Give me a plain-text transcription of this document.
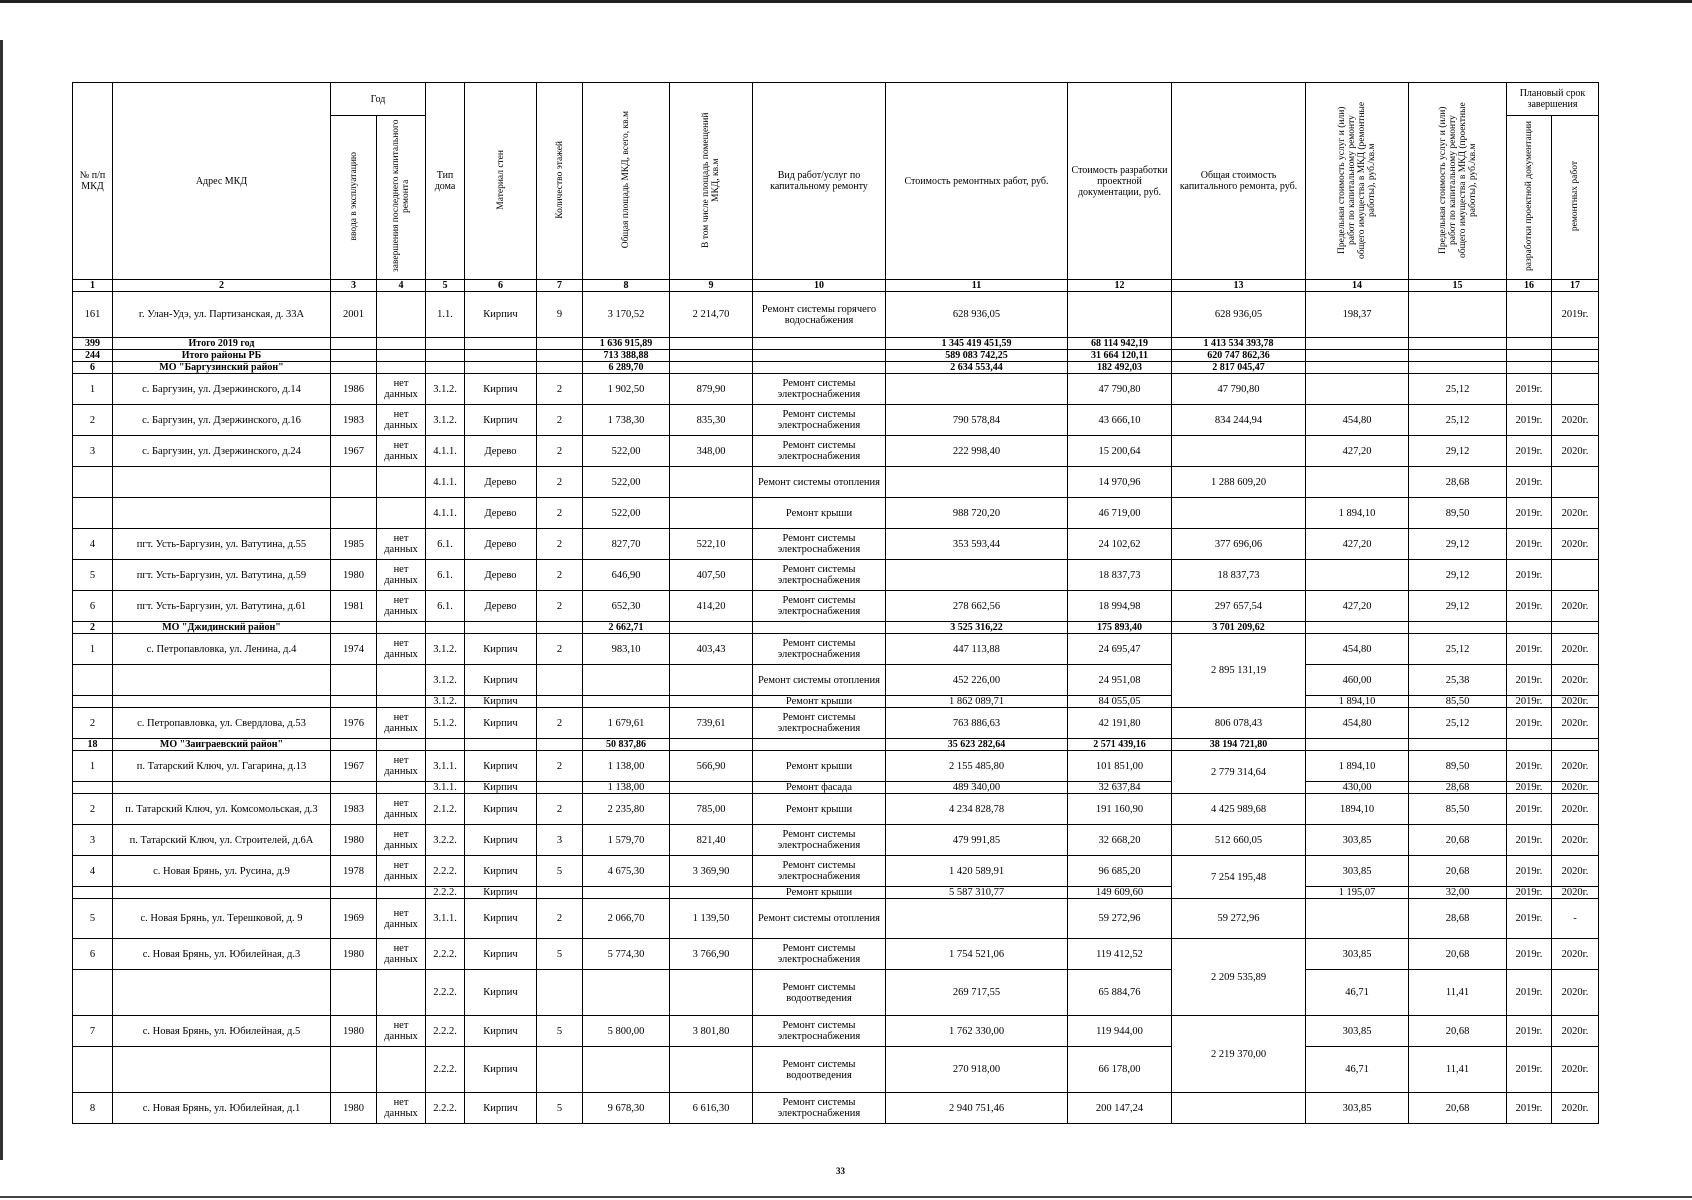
№ п/п МКД	Адрес МКД	Год		Тип дома	Материал стен	Количество этажей	Общая площадь МКД, всего, кв.м	В том числе площадь помещений МКД, кв.м	Вид работ/услуг по капитальному ремонту	Стоимость ремонтных работ, руб.	Стоимость разработки проектной документации, руб.	Общая стоимость капитального ремонта, руб.	Предельная стоимость услуг и (или) работ по капитальному ремонту общего имущества в МКД (ремонтные работы), руб./кв.м	Предельная стоимость услуг и (или) работ по капитальному ремонту общего имущества в МКД (проектные работы), руб./кв.м	Плановый срок завершения	
		ввода в эксплуатацию	завершения последнего капитального ремонта												разработки проектной документации	ремонтных работ
1	2	3	4	5	6	7	8	9	10	11	12	13	14	15	16	17
161	г. Улан-Удэ, ул. Партизанская, д. 33А	2001		1.1.	Кирпич	9	3 170,52	2 214,70	Ремонт системы горячего водоснабжения	628 936,05		628 936,05	198,37			2019г.
399	Итого 2019 год						1 636 915,89			1 345 419 451,59	68 114 942,19	1 413 534 393,78				
244	Итого районы РБ						713 388,88			589 083 742,25	31 664 120,11	620 747 862,36				
6	МО "Баргузинский район"						6 289,70			2 634 553,44	182 492,03	2 817 045,47				
1	с. Баргузин, ул. Дзержинского, д.14	1986	нет данных	3.1.2.	Кирпич	2	1 902,50	879,90	Ремонт системы электроснабжения		47 790,80	47 790,80		25,12	2019г.	
2	с. Баргузин, ул. Дзержинского, д.16	1983	нет данных	3.1.2.	Кирпич	2	1 738,30	835,30	Ремонт системы электроснабжения	790 578,84	43 666,10	834 244,94	454,80	25,12	2019г.	2020г.
3	с. Баргузин, ул. Дзержинского, д.24	1967	нет данных	4.1.1.	Дерево	2	522,00	348,00	Ремонт системы электроснабжения	222 998,40	15 200,64		427,20	29,12	2019г.	2020г.
				4.1.1.	Дерево	2	522,00		Ремонт системы отопления		14 970,96	1 288 609,20		28,68	2019г.	
				4.1.1.	Дерево	2	522,00		Ремонт крыши	988 720,20	46 719,00		1 894,10	89,50	2019г.	2020г.
4	пгт. Усть-Баргузин, ул. Ватутина, д.55	1985	нет данных	6.1.	Дерево	2	827,70	522,10	Ремонт системы электроснабжения	353 593,44	24 102,62	377 696,06	427,20	29,12	2019г.	2020г.
5	пгт. Усть-Баргузин, ул. Ватутина, д.59	1980	нет данных	6.1.	Дерево	2	646,90	407,50	Ремонт системы электроснабжения		18 837,73	18 837,73		29,12	2019г.	
6	пгт. Усть-Баргузин, ул. Ватутина, д.61	1981	нет данных	6.1.	Дерево	2	652,30	414,20	Ремонт системы электроснабжения	278 662,56	18 994,98	297 657,54	427,20	29,12	2019г.	2020г.
2	МО "Джидинский район"						2 662,71			3 525 316,22	175 893,40	3 701 209,62				
1	с. Петропавловка, ул. Ленина, д.4	1974	нет данных	3.1.2.	Кирпич	2	983,10	403,43	Ремонт системы электроснабжения	447 113,88	24 695,47	2 895 131,19	454,80	25,12	2019г.	2020г.
				3.1.2.	Кирпич				Ремонт системы отопления	452 226,00	24 951,08		460,00	25,38	2019г.	2020г.
				3.1.2.	Кирпич				Ремонт крыши	1 862 089,71	84 055,05		1 894,10	85,50	2019г.	2020г.
2	с. Петропавловка, ул. Свердлова, д.53	1976	нет данных	5.1.2.	Кирпич	2	1 679,61	739,61	Ремонт системы электроснабжения	763 886,63	42 191,80	806 078,43	454,80	25,12	2019г.	2020г.
18	МО "Заиграевский район"						50 837,86			35 623 282,64	2 571 439,16	38 194 721,80				
1	п. Татарский Ключ, ул. Гагарина, д.13	1967	нет данных	3.1.1.	Кирпич	2	1 138,00	566,90	Ремонт крыши	2 155 485,80	101 851,00	2 779 314,64	1 894,10	89,50	2019г.	2020г.
				3.1.1.	Кирпич		1 138,00		Ремонт фасада	489 340,00	32 637,84		430,00	28,68	2019г.	2020г.
2	п. Татарский Ключ, ул. Комсомольская, д.3	1983	нет данных	2.1.2.	Кирпич	2	2 235,80	785,00	Ремонт крыши	4 234 828,78	191 160,90	4 425 989,68	1894,10	85,50	2019г.	2020г.
3	п. Татарский Ключ, ул. Строителей, д.6А	1980	нет данных	3.2.2.	Кирпич	3	1 579,70	821,40	Ремонт системы электроснабжения	479 991,85	32 668,20	512 660,05	303,85	20,68	2019г.	2020г.
4	с. Новая Брянь, ул. Русина, д.9	1978	нет данных	2.2.2.	Кирпич	5	4 675,30	3 369,90	Ремонт системы электроснабжения	1 420 589,91	96 685,20	7 254 195,48	303,85	20,68	2019г.	2020г.
				2.2.2.	Кирпич				Ремонт крыши	5 587 310,77	149 609,60		1 195,07	32,00	2019г.	2020г.
5	с. Новая Брянь, ул. Терешковой, д. 9	1969	нет данных	3.1.1.	Кирпич	2	2 066,70	1 139,50	Ремонт системы отопления		59 272,96	59 272,96		28,68	2019г.	-
6	с. Новая Брянь, ул. Юбилейная, д.3	1980	нет данных	2.2.2.	Кирпич	5	5 774,30	3 766,90	Ремонт системы электроснабжения	1 754 521,06	119 412,52	2 209 535,89	303,85	20,68	2019г.	2020г.
				2.2.2.	Кирпич				Ремонт системы водоотведения	269 717,55	65 884,76		46,71	11,41	2019г.	2020г.
7	с. Новая Брянь, ул. Юбилейная, д.5	1980	нет данных	2.2.2.	Кирпич	5	5 800,00	3 801,80	Ремонт системы электроснабжения	1 762 330,00	119 944,00	2 219 370,00	303,85	20,68	2019г.	2020г.
				2.2.2.	Кирпич				Ремонт системы водоотведения	270 918,00	66 178,00		46,71	11,41	2019г.	2020г.
8	с. Новая Брянь, ул. Юбилейная, д.1	1980	нет данных	2.2.2.	Кирпич	5	9 678,30	6 616,30	Ремонт системы электроснабжения	2 940 751,46	200 147,24		303,85	20,68	2019г.	2020г.
33
